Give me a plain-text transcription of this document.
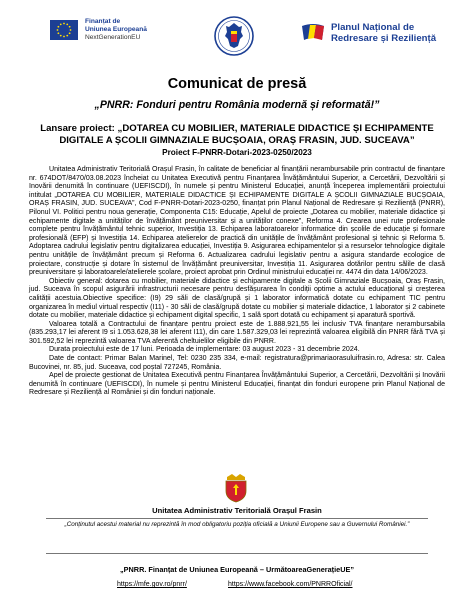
Finanțat de
Uniunea Europeană
NextGenerationEU
Planul Național de
Redresare și Reziliență
Comunicat de presă
„PNRR: Fonduri pentru România modernă și reformată!”
Lansare proiect: „DOTAREA CU MOBILIER, MATERIALE DIDACTICE ȘI ECHIPAMENTE DIGITALE A ȘCOLII GIMNAZIALE BUCȘOAIA, ORAȘ FRASIN, JUD. SUCEAVA”
Proiect F-PNRR-Dotari-2023-0250/2023

Unitatea Administrativ Teritorială Orașul Frasin, în calitate de beneficiar al finanțării nerambursabile prin contractul de finanțare nr. 674DOT/8470/03.08.2023 încheiat cu Unitatea Executivă pentru Finanțarea Învățământului Superior, a Cercetării, Dezvoltării și Inovării denumită în continuare (UEFISCDI), în numele și pentru Ministerul Educației, anunță începerea implementării proiectului intitulat „DOTAREA CU MOBILIER, MATERIALE DIDACTICE ȘI ECHIPAMENTE DIGITALE A ȘCOLII GIMNAZIALE BUCȘOAIA, ORAȘ FRASIN, JUD. SUCEAVA”, Cod F-PNRR-Dotari-2023-0250, finanțat prin Planul Național de Redresare și Reziliență (PNRR), Pilonul VI. Politici pentru noua generație, Componenta C15: Educație, Apelul de proiecte „Dotarea cu mobilier, materiale didactice și echipamente digitale a unităților de învățământ preuniversitar și a unităților conexe”, Reforma 4. Crearea unei rute profesionale complete pentru învățământul tehnic superior, Investiția 13. Echiparea laboratoarelor informatice din școlile de educație și formare profesională (EFP) și Investiția 14. Echiparea atelierelor de practică din unitățile de învățământ profesional și tehnic și Reforma 5. Adoptarea cadrului legislativ pentru digitalizarea educației, Investiția 9. Asigurarea echipamentelor și a resurselor tehnologice digitale pentru unitățile de învățământ precum și Reforma 6. Actualizarea cadrului legislativ pentru a asigura standarde ecologice de proiectare, construcție și dotare în sistemul de învățământ preuniversitar, Investiția 11. Asigurarea dotărilor pentru sălile de clasă preuniversitare și laboratoarele/atelierele școlare, proiect aprobat prin Ordinul ministrului educației nr. 4474 din data 14/06/2023.

Obiectiv general: dotarea cu mobilier, materiale didactice și echipamente digitale a Școlii Gimnaziale Bucșoaia, Oraș Frasin, jud. Suceava în scopul asigurării infrastructurii necesare pentru desfășurarea în condiții optime a actului educațional și creșterea calității acestuia.Obiective specifice: (I9) 29 săli de clasă/grupă și 1 laborator informatică dotate cu echipament TIC pentru organizarea în mediul virtual respectiv (I11) - 30 săli de clasă/grupă dotate cu mobilier și materiale didactice, 1 laborator și 2 cabinete dotate cu mobilier, materiale didactice și echipament digital specific, 1 sală sport dotată cu echipament și aparatură sportivă.

Valoarea totală a Contractului de finanțare pentru proiect este de 1.888.921,55 lei inclusiv TVA finanțare nerambursabila (835.293,17 lei aferent I9 si 1.053.628,38 lei aferent I11), din care 1.587.329,03 lei reprezintă valoarea eligibilă din PNRR fără TVA și 301.592,52 lei reprezintă valoarea TVA aferentă cheltuielilor eligibile din PNRR.

Durata proiectului este de 17 luni. Perioada de implementare: 03 august 2023 - 31 decembrie 2024.

Date de contact: Primar Balan Marinel, Tel: 0230 235 334, e-mail: registratura@primariaorasuluifrasin.ro, Adresa: str. Calea Bucovinei, nr. 85, jud. Suceava, cod poștal 727245, România.

Apel de proiecte gestionat de Unitatea Executivă pentru Finanțarea Învățământului Superior, a Cercetării, Dezvoltării și Inovării denumită în continuare (UEFISCDI), în numele și pentru Ministerul Educației, finanțat din fonduri europene prin Planul Național de Redresare și Reziliență al României și din fonduri naționale.

Unitatea Administrativ Teritorială Orașul Frasin
„Conținutul acestui material nu reprezintă în mod obligatoriu poziția oficială a Uniunii Europene sau a Guvernului României.”
„PNRR. Finanțat de Uniunea Europeană – UrmătoareaGenerațieUE”
https://mfe.gov.ro/pnrr/	https://www.facebook.com/PNRROficial/
